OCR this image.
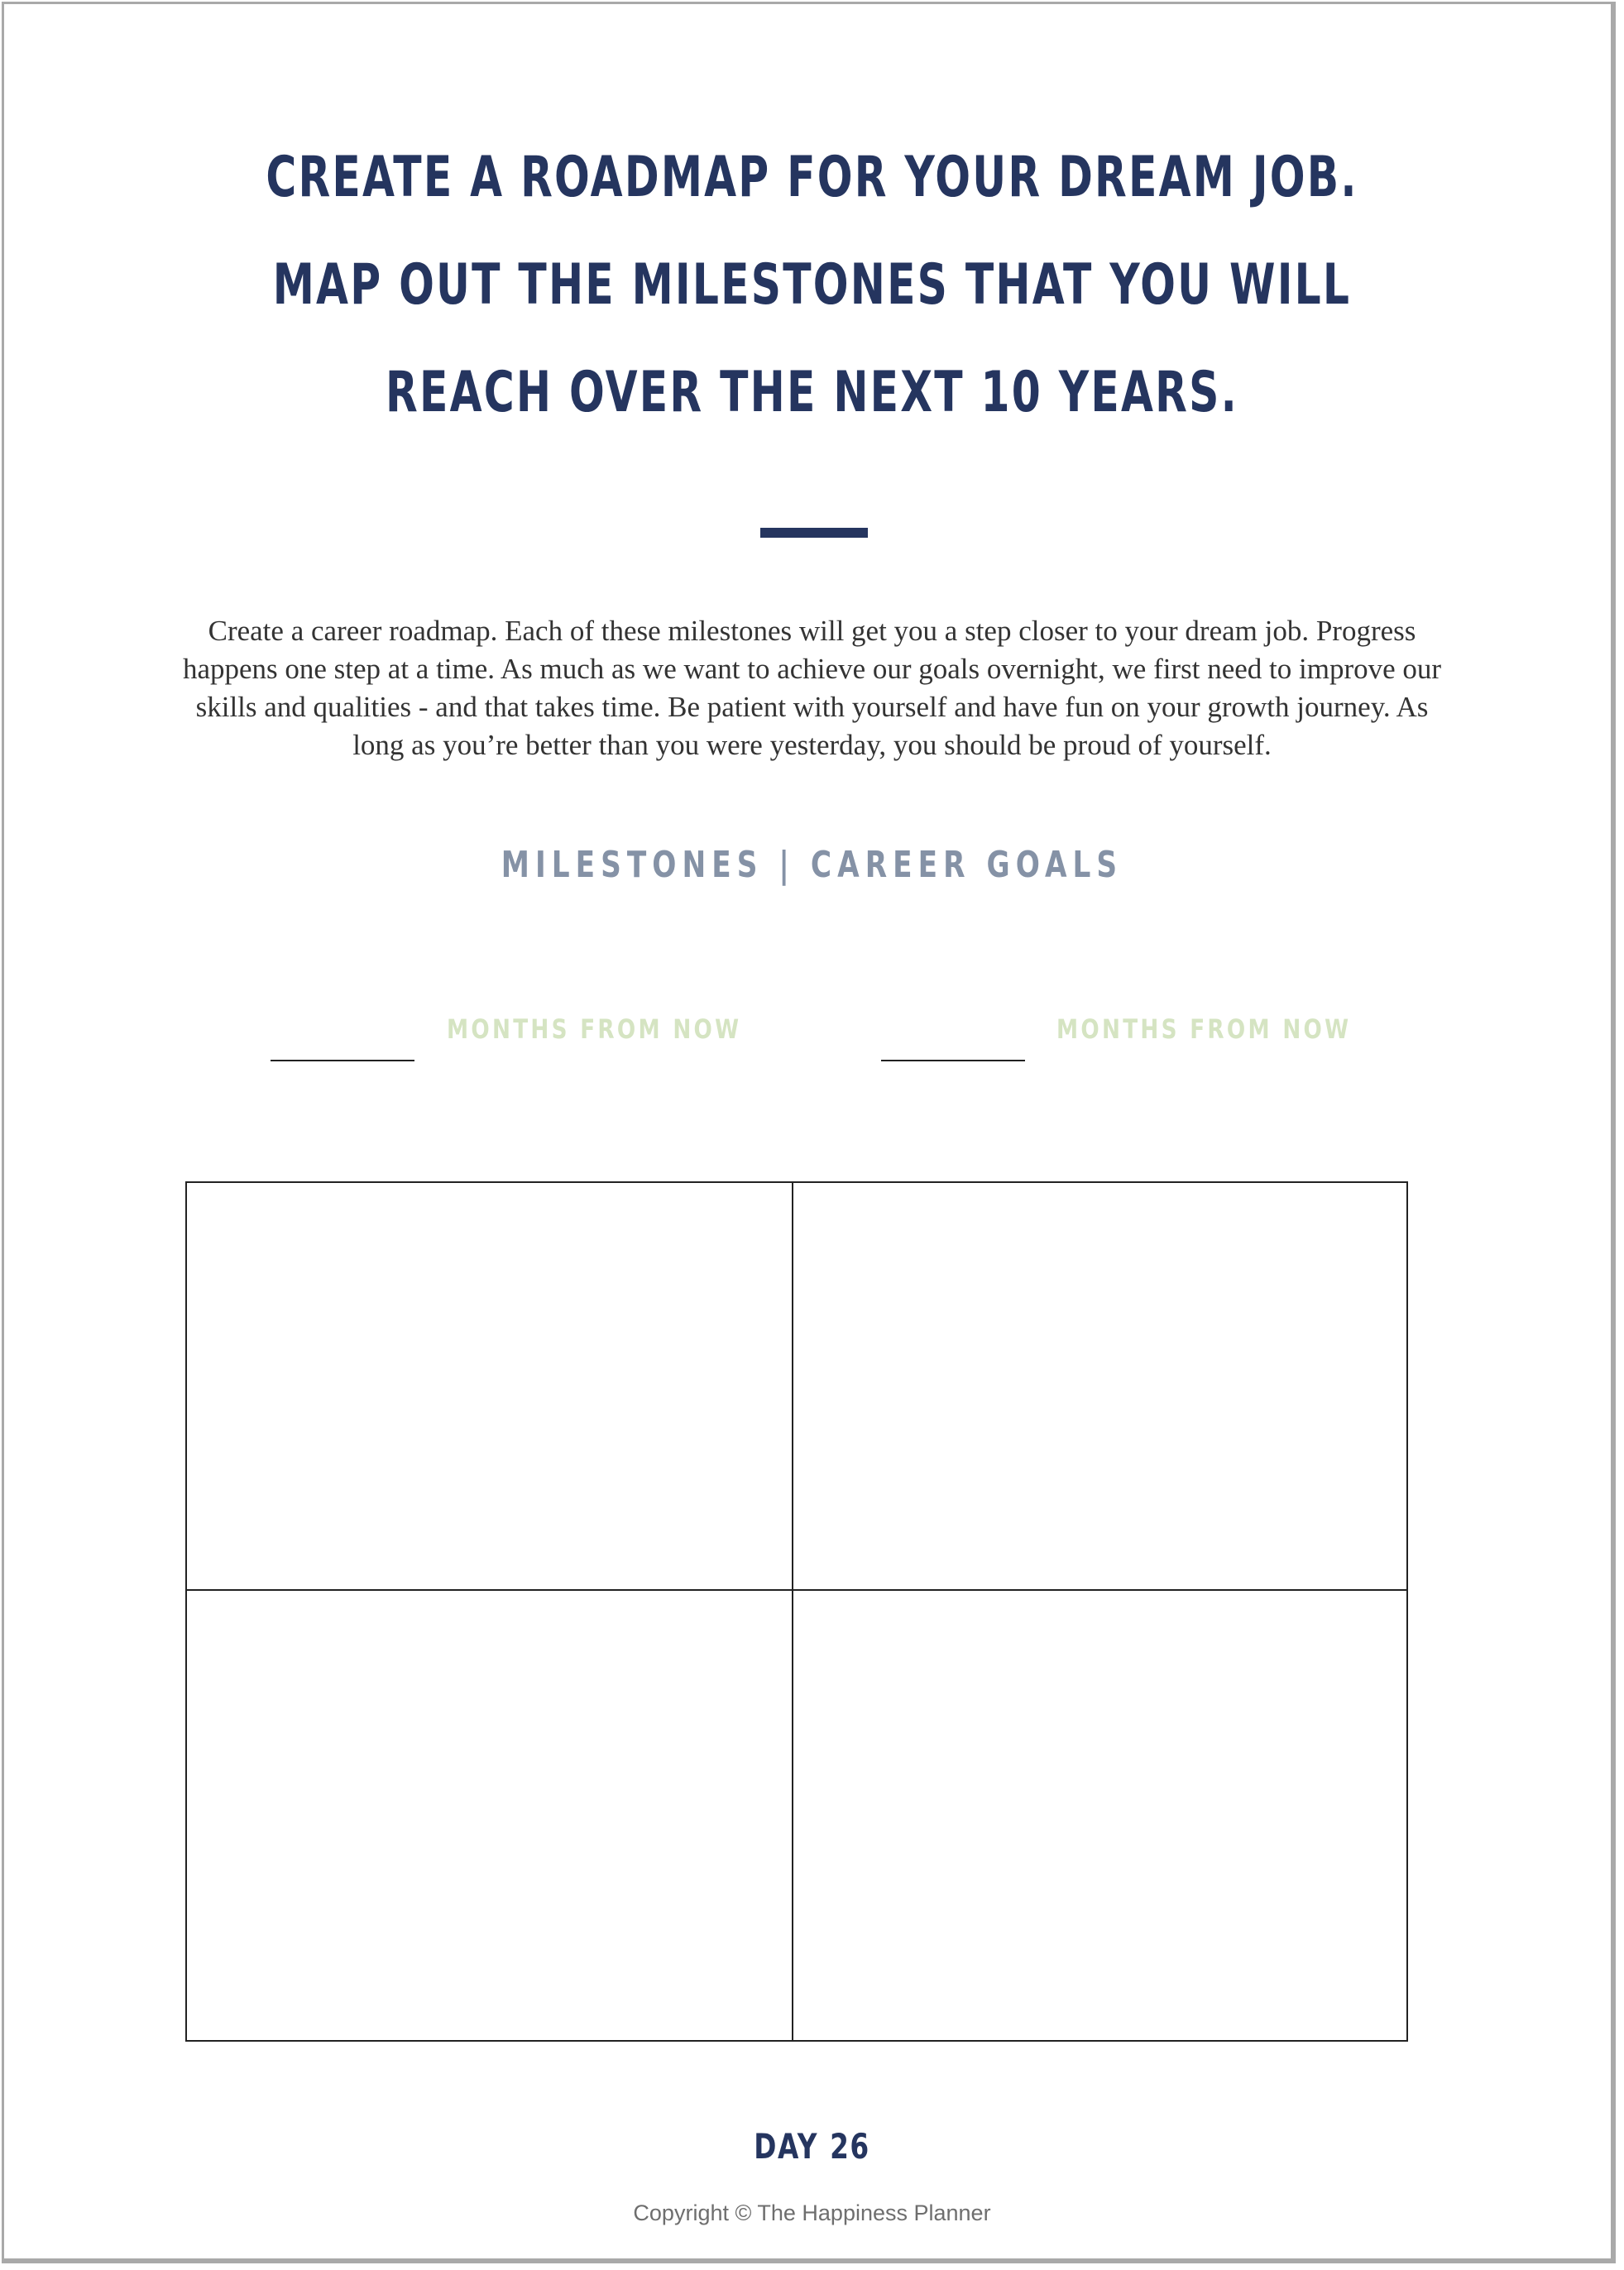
CREATE A ROADMAP FOR YOUR DREAM JOB.
MAP OUT THE MILESTONES THAT YOU WILL
REACH OVER THE NEXT 10 YEARS.
Create a career roadmap. Each of these milestones will get you a step closer to your dream job. Progress happens one step at a time. As much as we want to achieve our goals overnight, we first need to improve our skills and qualities - and that takes time. Be patient with yourself and have fun on your growth journey. As long as you’re better than you were yesterday, you should be proud of yourself.
MILESTONES | CAREER GOALS
MONTHS FROM NOW	MONTHS FROM NOW
DAY 26
Copyright © The Happiness Planner
